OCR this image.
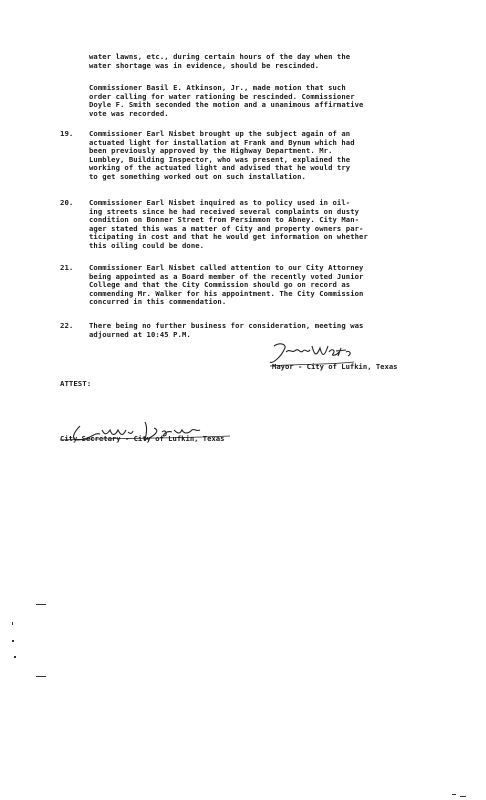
water lawns, etc., during certain hours of the day when the
water shortage was in evidence, should be rescinded.
Commissioner Basil E. Atkinson, Jr., made motion that such
order calling for water rationing be rescinded. Commissioner
Doyle F. Smith seconded the motion and a unanimous affirmative
vote was recorded.
19. Commissioner Earl Nisbet brought up the subject again of an
actuated light for installation at Frank and Bynum which had
been previously approved by the Highway Department. Mr.
Lumbley, Building Inspector, who was present, explained the
working of the actuated light and advised that he would try
to get something worked out on such installation.
20. Commissioner Earl Nisbet inquired as to policy used in oil-
ing streets since he had received several complaints on dusty
condition on Bonner Street from Persimmon to Abney. City Man-
ager stated this was a matter of City and property owners par-
ticipating in cost and that he would get information on whether
this oiling could be done.
21. Commissioner Earl Nisbet called attention to our City Attorney
being appointed as a Board member of the recently voted Junior
College and that the City Commission should go on record as
commending Mr. Walker for his appointment. The City Commission
concurred in this commendation.
22. There being no further business for consideration, meeting was
adjourned at 10:45 P.M.
Mayor - City of Lufkin, Texas
ATTEST:
City Secretary - City of Lufkin, Texas
